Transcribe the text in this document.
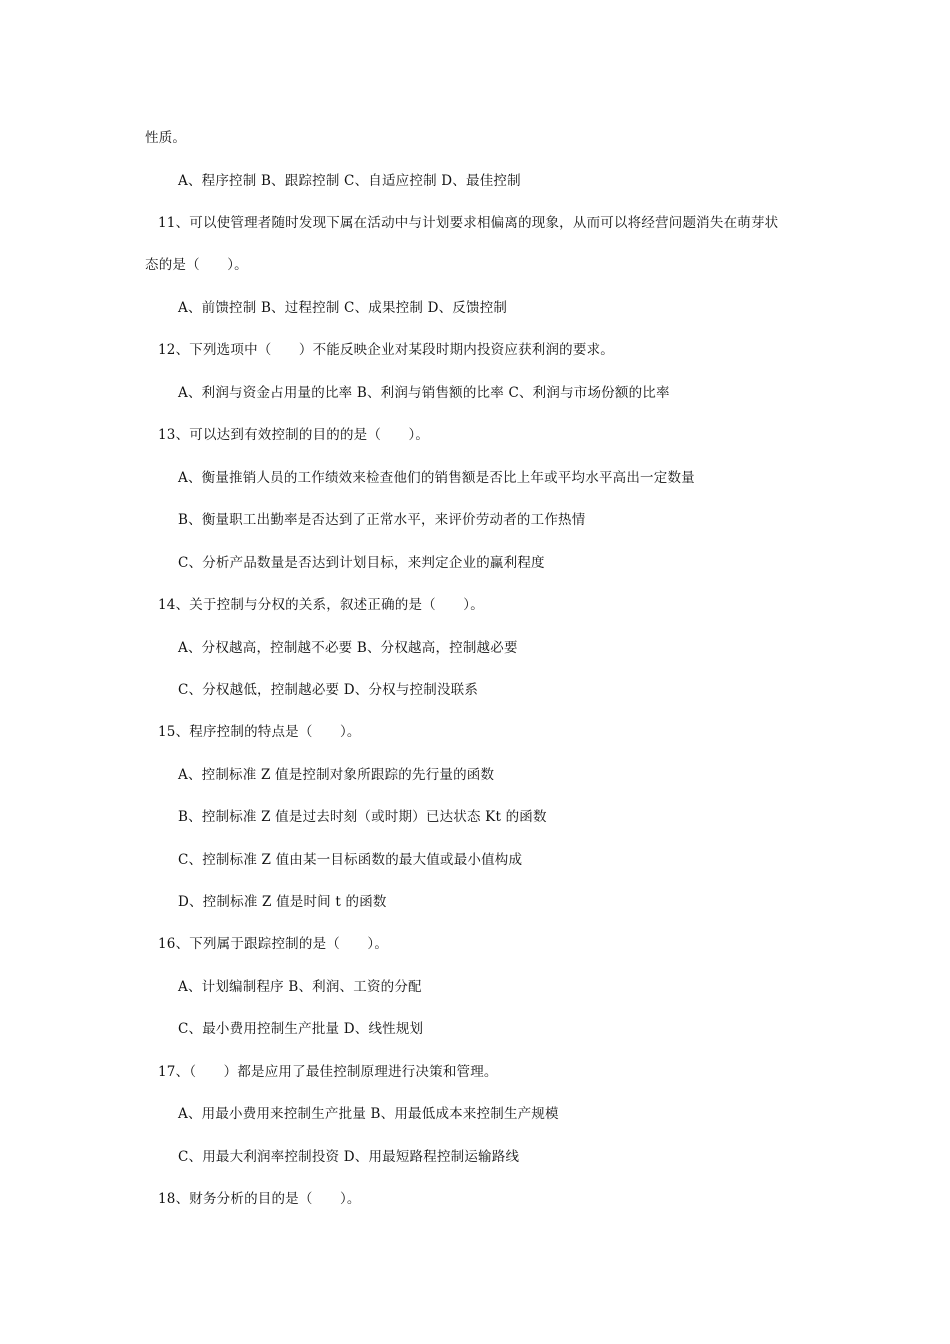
性质。
A、程序控制 B、跟踪控制 C、自适应控制 D、最佳控制
11、可以使管理者随时发现下属在活动中与计划要求相偏离的现象，从而可以将经营问题消失在萌芽状
态的是（　　）。
A、前馈控制 B、过程控制 C、成果控制 D、反馈控制
12、下列选项中（　　）不能反映企业对某段时期内投资应获利润的要求。
A、利润与资金占用量的比率 B、利润与销售额的比率 C、利润与市场份额的比率
13、可以达到有效控制的目的的是（　　）。
A、衡量推销人员的工作绩效来检查他们的销售额是否比上年或平均水平高出一定数量
B、衡量职工出勤率是否达到了正常水平，来评价劳动者的工作热情
C、分析产品数量是否达到计划目标，来判定企业的赢利程度
14、关于控制与分权的关系，叙述正确的是（　　）。
A、分权越高，控制越不必要 B、分权越高，控制越必要
C、分权越低，控制越必要 D、分权与控制没联系
15、程序控制的特点是（　　）。
A、控制标准 Z 值是控制对象所跟踪的先行量的函数
B、控制标准 Z 值是过去时刻（或时期）已达状态 Kt 的函数
C、控制标准 Z 值由某一目标函数的最大值或最小值构成
D、控制标准 Z 值是时间 t 的函数
16、下列属于跟踪控制的是（　　）。
A、计划编制程序 B、利润、工资的分配
C、最小费用控制生产批量 D、线性规划
17、（　　）都是应用了最佳控制原理进行决策和管理。
A、用最小费用来控制生产批量 B、用最低成本来控制生产规模
C、用最大利润率控制投资 D、用最短路程控制运输路线
18、财务分析的目的是（　　）。
